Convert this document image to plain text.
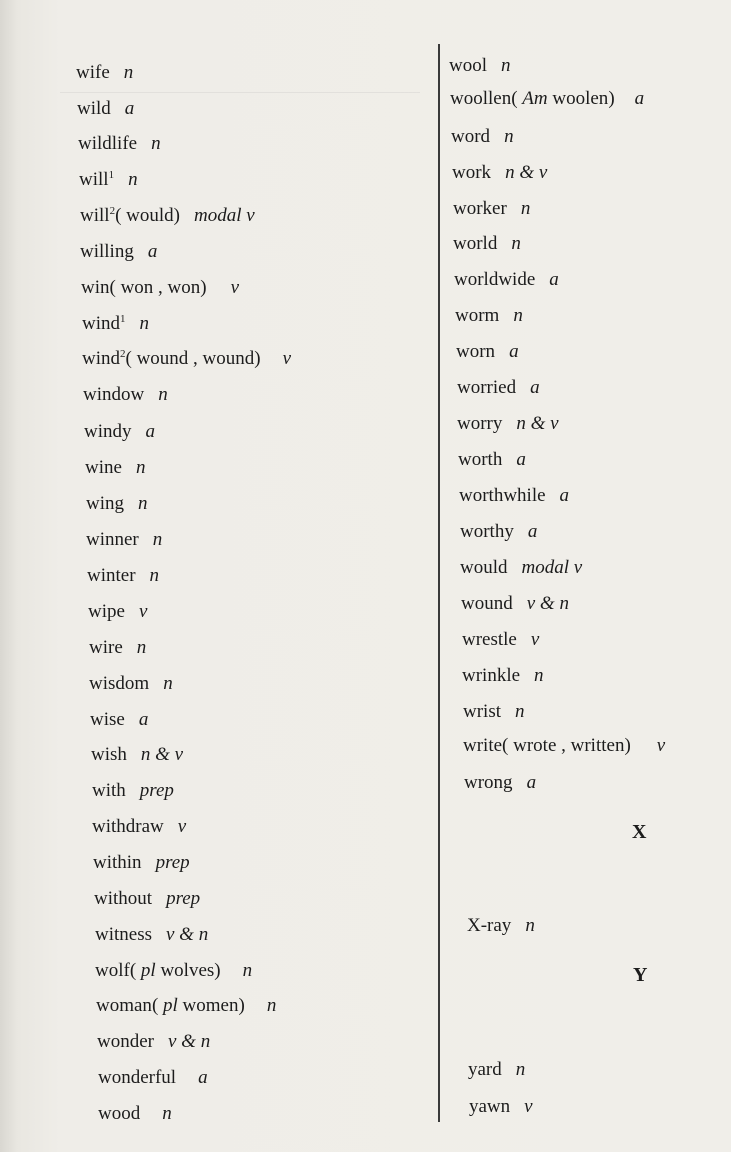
wife n
wild a
wildlife n
will$^1$ n
will$^2$( would) modal v
willing a
win( won , won) v
wind$^1$ n
wind$^2$( wound , wound) v
window n
windy a
wine n
wing n
winner n
winter n
wipe v
wire n
wisdom n
wise a
wish n & v
with prep
withdraw v
within prep
without prep
witness v & n
wolf( pl wolves) n
woman( pl women) n
wonder v & n
wonderful a
wood n
wool n
woollen( Am woolen) a
word n
work n & v
worker n
world n
worldwide a
worm n
worn a
worried a
worry n & v
worth a
worthwhile a
worthy a
would modal v
wound v & n
wrestle v
wrinkle n
wrist n
write( wrote , written) v
wrong a
X
X-ray n
Y
yard n
yawn v
